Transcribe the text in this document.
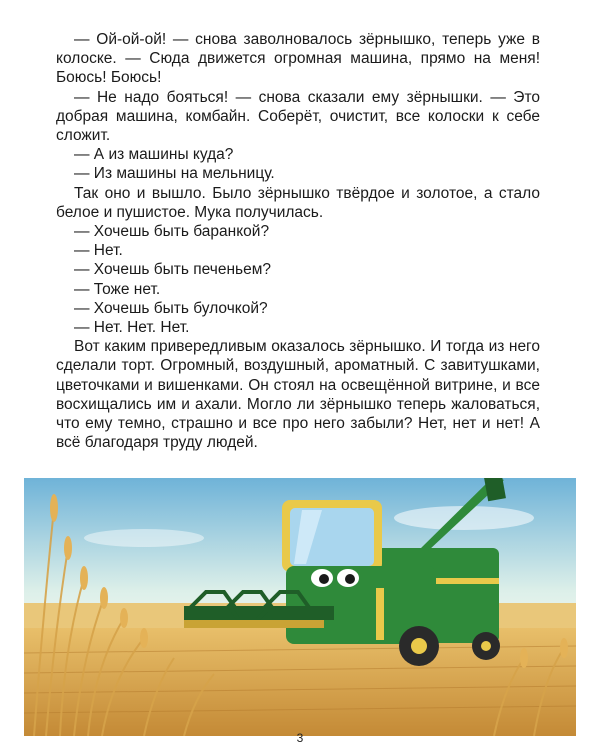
— Ой-ой-ой! — снова заволновалось зёрнышко, теперь уже в колоске. — Сюда движется огромная машина, прямо на меня! Боюсь! Боюсь!

— Не надо бояться! — снова сказали ему зёрнышки. — Это добрая машина, комбайн. Соберёт, очистит, все колоски к себе сложит.

— А из машины куда?

— Из машины на мельницу.

Так оно и вышло. Было зёрнышко твёрдое и золотое, а стало белое и пушистое. Мука получилась.

— Хочешь быть баранкой?

— Нет.

— Хочешь быть печеньем?

— Тоже нет.

— Хочешь быть булочкой?

— Нет. Нет. Нет.

Вот каким привередливым оказалось зёрнышко. И тогда из него сделали торт. Огромный, воздушный, ароматный. С завитушками, цветочками и вишенками. Он стоял на освещённой витрине, и все восхищались им и ахали. Могло ли зёрнышко теперь жаловаться, что ему темно, страшно и все про него забыли? Нет, нет и нет! А всё благодаря труду людей.

3
